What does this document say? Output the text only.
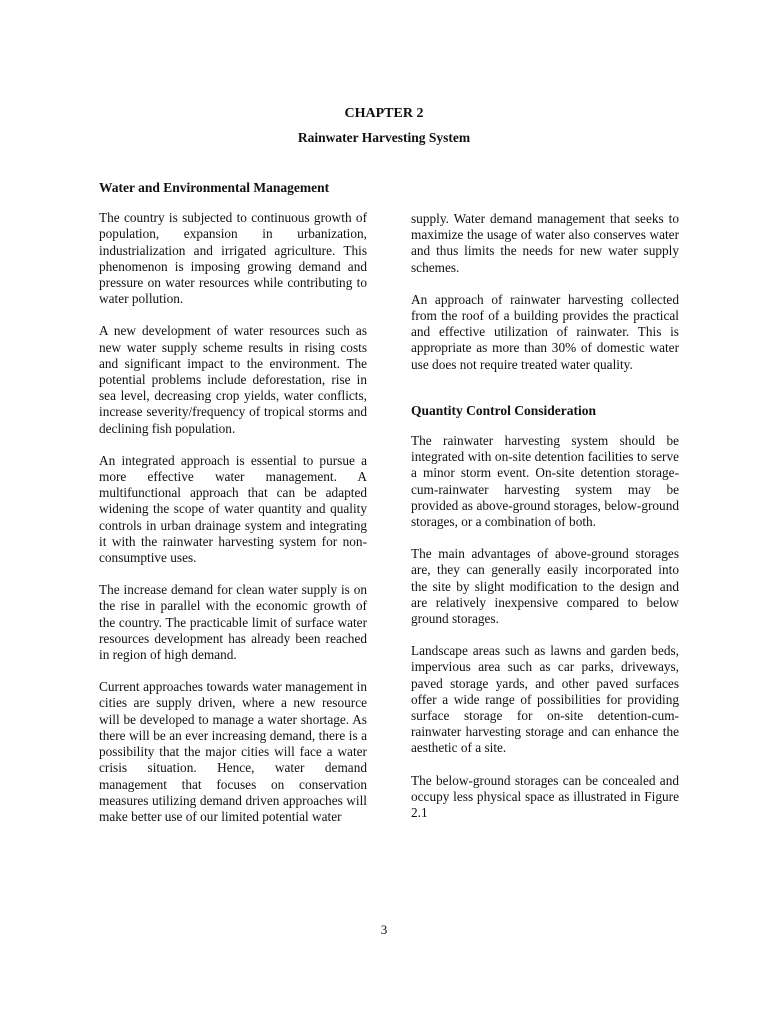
CHAPTER 2
Rainwater Harvesting System
Water and Environmental Management

The country is subjected to continuous growth of population, expansion in urbanization, industrialization and irrigated agriculture. This phenomenon is imposing growing demand and pressure on water resources while contributing to water pollution.

A new development of water resources such as new water supply scheme results in rising costs and significant impact to the environment. The potential problems include deforestation, rise in sea level, decreasing crop yields, water conflicts, increase severity/frequency of tropical storms and declining fish population.

An integrated approach is essential to pursue a more effective water management. A multifunctional approach that can be adapted widening the scope of water quantity and quality controls in urban drainage system and integrating it with the rainwater harvesting system for non-consumptive uses.

The increase demand for clean water supply is on the rise in parallel with the economic growth of the country. The practicable limit of surface water resources development has already been reached in region of high demand.

Current approaches towards water management in cities are supply driven, where a new resource will be developed to manage a water shortage. As there will be an ever increasing demand, there is a possibility that the major cities will face a water crisis situation. Hence, water demand management that focuses on conservation measures utilizing demand driven approaches will make better use of our limited potential water

supply. Water demand management that seeks to maximize the usage of water also conserves water and thus limits the needs for new water supply schemes.

An approach of rainwater harvesting collected from the roof of a building provides the practical and effective utilization of rainwater. This is appropriate as more than 30% of domestic water use does not require treated water quality.

Quantity Control Consideration

The rainwater harvesting system should be integrated with on-site detention facilities to serve a minor storm event. On-site detention storage-cum-rainwater harvesting system may be provided as above-ground storages, below-ground storages, or a combination of both.

The main advantages of above-ground storages are, they can generally easily incorporated into the site by slight modification to the design and are relatively inexpensive compared to below ground storages.

Landscape areas such as lawns and garden beds, impervious area such as car parks, driveways, paved storage yards, and other paved surfaces offer a wide range of possibilities for providing surface storage for on-site detention-cum-rainwater harvesting storage and can enhance the aesthetic of a site.

The below-ground storages can be concealed and occupy less physical space as illustrated in Figure 2.1

3
